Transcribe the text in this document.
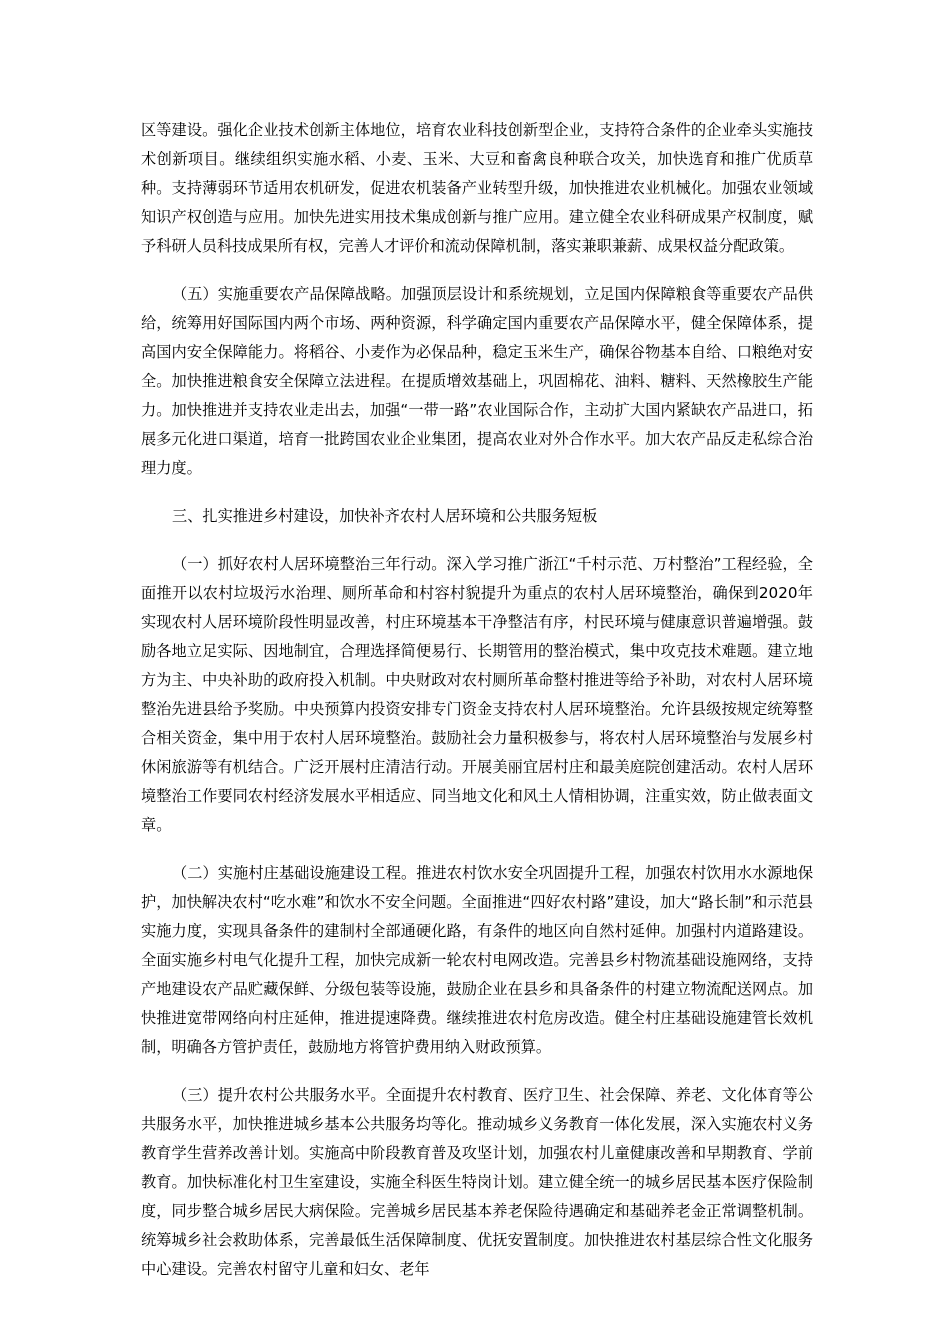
区等建设。强化企业技术创新主体地位，培育农业科技创新型企业，支持符合条件的企业牵头实施技术创新项目。继续组织实施水稻、小麦、玉米、大豆和畜禽良种联合攻关，加快选育和推广优质草种。支持薄弱环节适用农机研发，促进农机装备产业转型升级，加快推进农业机械化。加强农业领域知识产权创造与应用。加快先进实用技术集成创新与推广应用。建立健全农业科研成果产权制度，赋予科研人员科技成果所有权，完善人才评价和流动保障机制，落实兼职兼薪、成果权益分配政策。

（五）实施重要农产品保障战略。加强顶层设计和系统规划，立足国内保障粮食等重要农产品供给，统筹用好国际国内两个市场、两种资源，科学确定国内重要农产品保障水平，健全保障体系，提高国内安全保障能力。将稻谷、小麦作为必保品种，稳定玉米生产，确保谷物基本自给、口粮绝对安全。加快推进粮食安全保障立法进程。在提质增效基础上，巩固棉花、油料、糖料、天然橡胶生产能力。加快推进并支持农业走出去，加强“一带一路”农业国际合作，主动扩大国内紧缺农产品进口，拓展多元化进口渠道，培育一批跨国农业企业集团，提高农业对外合作水平。加大农产品反走私综合治理力度。

三、扎实推进乡村建设，加快补齐农村人居环境和公共服务短板

（一）抓好农村人居环境整治三年行动。深入学习推广浙江“千村示范、万村整治”工程经验，全面推开以农村垃圾污水治理、厕所革命和村容村貌提升为重点的农村人居环境整治，确保到2020年实现农村人居环境阶段性明显改善，村庄环境基本干净整洁有序，村民环境与健康意识普遍增强。鼓励各地立足实际、因地制宜，合理选择简便易行、长期管用的整治模式，集中攻克技术难题。建立地方为主、中央补助的政府投入机制。中央财政对农村厕所革命整村推进等给予补助，对农村人居环境整治先进县给予奖励。中央预算内投资安排专门资金支持农村人居环境整治。允许县级按规定统筹整合相关资金，集中用于农村人居环境整治。鼓励社会力量积极参与，将农村人居环境整治与发展乡村休闲旅游等有机结合。广泛开展村庄清洁行动。开展美丽宜居村庄和最美庭院创建活动。农村人居环境整治工作要同农村经济发展水平相适应、同当地文化和风土人情相协调，注重实效，防止做表面文章。

（二）实施村庄基础设施建设工程。推进农村饮水安全巩固提升工程，加强农村饮用水水源地保护，加快解决农村“吃水难”和饮水不安全问题。全面推进“四好农村路”建设，加大“路长制”和示范县实施力度，实现具备条件的建制村全部通硬化路，有条件的地区向自然村延伸。加强村内道路建设。全面实施乡村电气化提升工程，加快完成新一轮农村电网改造。完善县乡村物流基础设施网络，支持产地建设农产品贮藏保鲜、分级包装等设施，鼓励企业在县乡和具备条件的村建立物流配送网点。加快推进宽带网络向村庄延伸，推进提速降费。继续推进农村危房改造。健全村庄基础设施建管长效机制，明确各方管护责任，鼓励地方将管护费用纳入财政预算。

（三）提升农村公共服务水平。全面提升农村教育、医疗卫生、社会保障、养老、文化体育等公共服务水平，加快推进城乡基本公共服务均等化。推动城乡义务教育一体化发展，深入实施农村义务教育学生营养改善计划。实施高中阶段教育普及攻坚计划，加强农村儿童健康改善和早期教育、学前教育。加快标准化村卫生室建设，实施全科医生特岗计划。建立健全统一的城乡居民基本医疗保险制度，同步整合城乡居民大病保险。完善城乡居民基本养老保险待遇确定和基础养老金正常调整机制。统筹城乡社会救助体系，完善最低生活保障制度、优抚安置制度。加快推进农村基层综合性文化服务中心建设。完善农村留守儿童和妇女、老年
